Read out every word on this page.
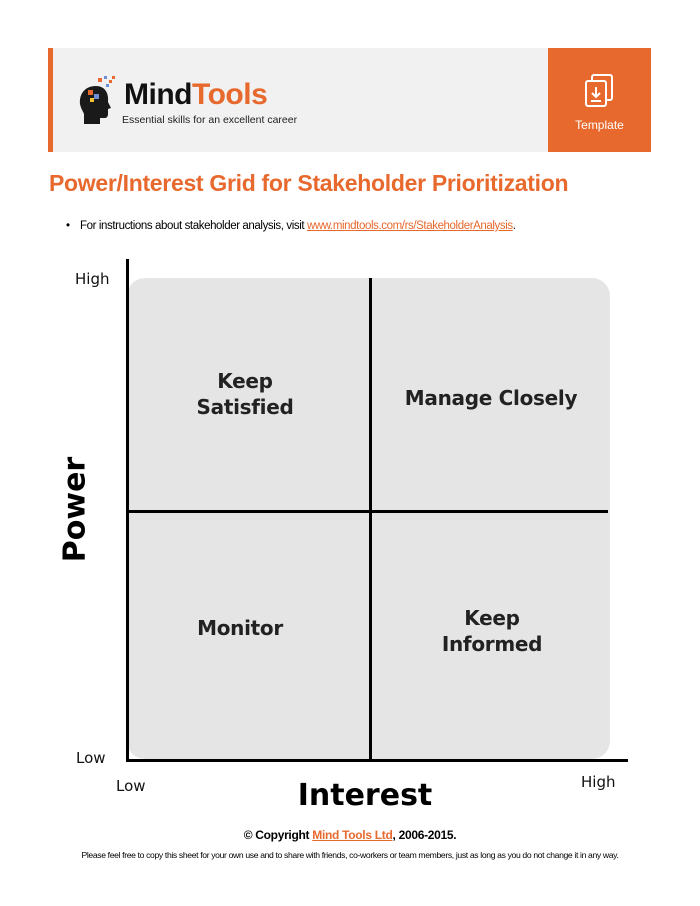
MindTools
Essential skills for an excellent career	Template
Power/Interest Grid for Stakeholder Prioritization
• For instructions about stakeholder analysis, visit www.mindtools.com/rs/StakeholderAnalysis.
Keep
Satisfied	Manage Closely
Monitor	Keep
Informed
High
Low
Low	High
Power
Interest
© Copyright Mind Tools Ltd, 2006-2015.
Please feel free to copy this sheet for your own use and to share with friends, co-workers or team members, just as long as you do not change it in any way.
